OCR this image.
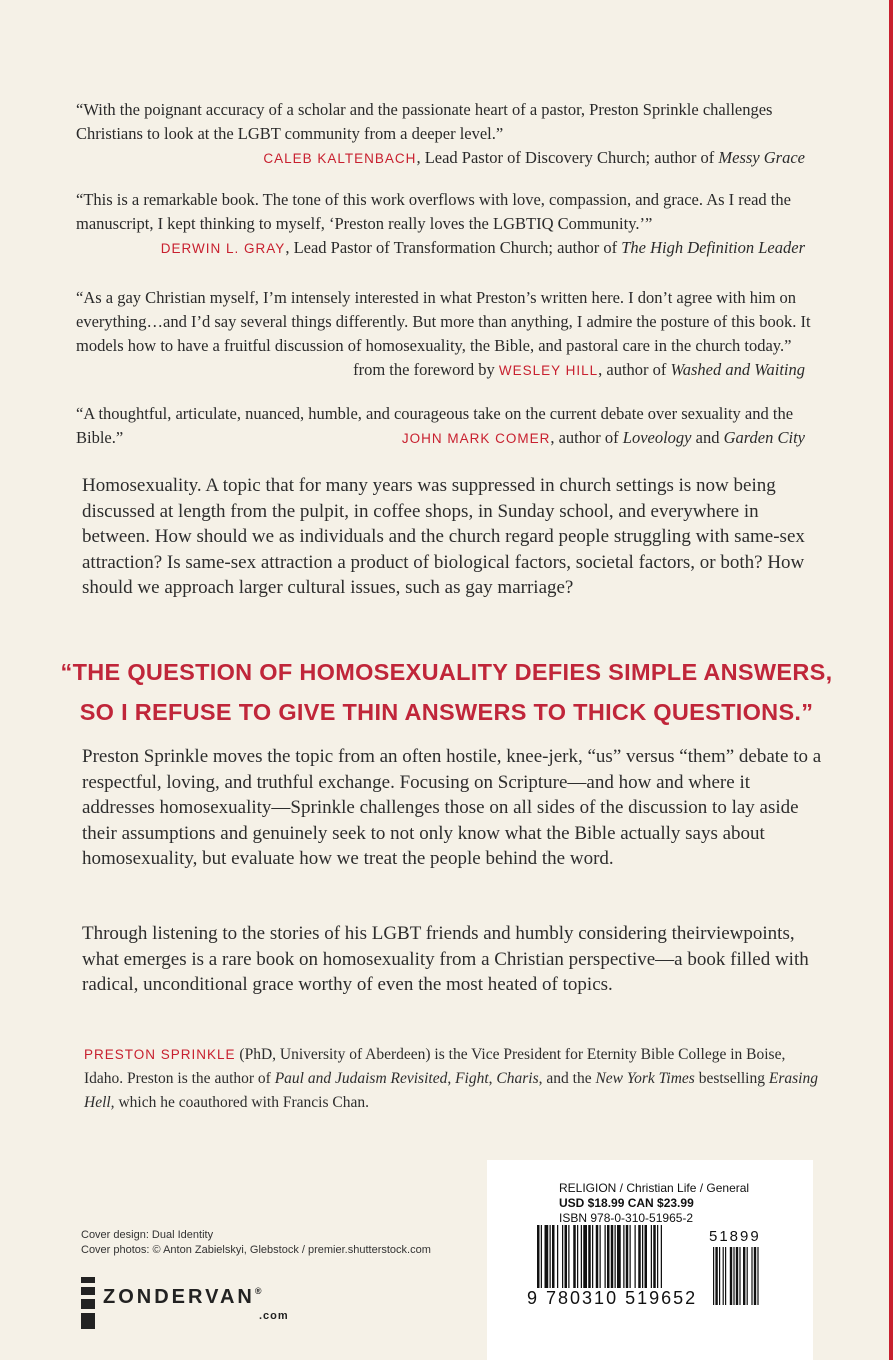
“With the poignant accuracy of a scholar and the passionate heart of a pastor, Preston Sprinkle challenges Christians to look at the LGBT community from a deeper level.”
CALEB KALTENBACH, Lead Pastor of Discovery Church; author of Messy Grace
“This is a remarkable book. The tone of this work overflows with love, compassion, and grace. As I read the manuscript, I kept thinking to myself, ‘Preston really loves the LGBTIQ Community.’”
DERWIN L. GRAY, Lead Pastor of Transformation Church; author of The High Definition Leader
“As a gay Christian myself, I’m intensely interested in what Preston’s written here. I don’t agree with him on everything…and I’d say several things differently. But more than anything, I admire the posture of this book. It models how to have a fruitful discussion of homosexuality, the Bible, and pastoral care in the church today.”
from the foreword by WESLEY HILL, author of Washed and Waiting
“A thoughtful, articulate, nuanced, humble, and courageous take on the current debate over sexuality and the Bible.”	JOHN MARK COMER, author of Loveology and Garden City
Homosexuality. A topic that for many years was suppressed in church settings is now being discussed at length from the pulpit, in coffee shops, in Sunday school, and everywhere in between. How should we as individuals and the church regard people struggling with same-sex attraction? Is same-sex attraction a product of biological factors, societal factors, or both? How should we approach larger cultural issues, such as gay marriage?
“THE QUESTION OF HOMOSEXUALITY DEFIES SIMPLE ANSWERS,
SO I REFUSE TO GIVE THIN ANSWERS TO THICK QUESTIONS.”
Preston Sprinkle moves the topic from an often hostile, knee-jerk, “us” versus “them” debate to a respectful, loving, and truthful exchange. Focusing on Scripture—and how and where it addresses homosexuality—Sprinkle challenges those on all sides of the discussion to lay aside their assumptions and genuinely seek to not only know what the Bible actually says about homosexuality, but evaluate how we treat the people behind the word.
Through listening to the stories of his LGBT friends and humbly considering theirviewpoints, what emerges is a rare book on homosexuality from a Christian perspective—a book filled with radical, unconditional grace worthy of even the most heated of topics.
PRESTON SPRINKLE (PhD, University of Aberdeen) is the Vice President for Eternity Bible College in Boise, Idaho. Preston is the author of Paul and Judaism Revisited, Fight, Charis, and the New York Times bestselling Erasing Hell, which he coauthored with Francis Chan.
Cover design: Dual Identity
Cover photos: © Anton Zabielskyi, Glebstock / premier.shutterstock.com
ZONDERVAN®
.com
RELIGION / Christian Life / General
USD $18.99 CAN $23.99
ISBN 978-0-310-51965-2
51899
9 780310 519652
